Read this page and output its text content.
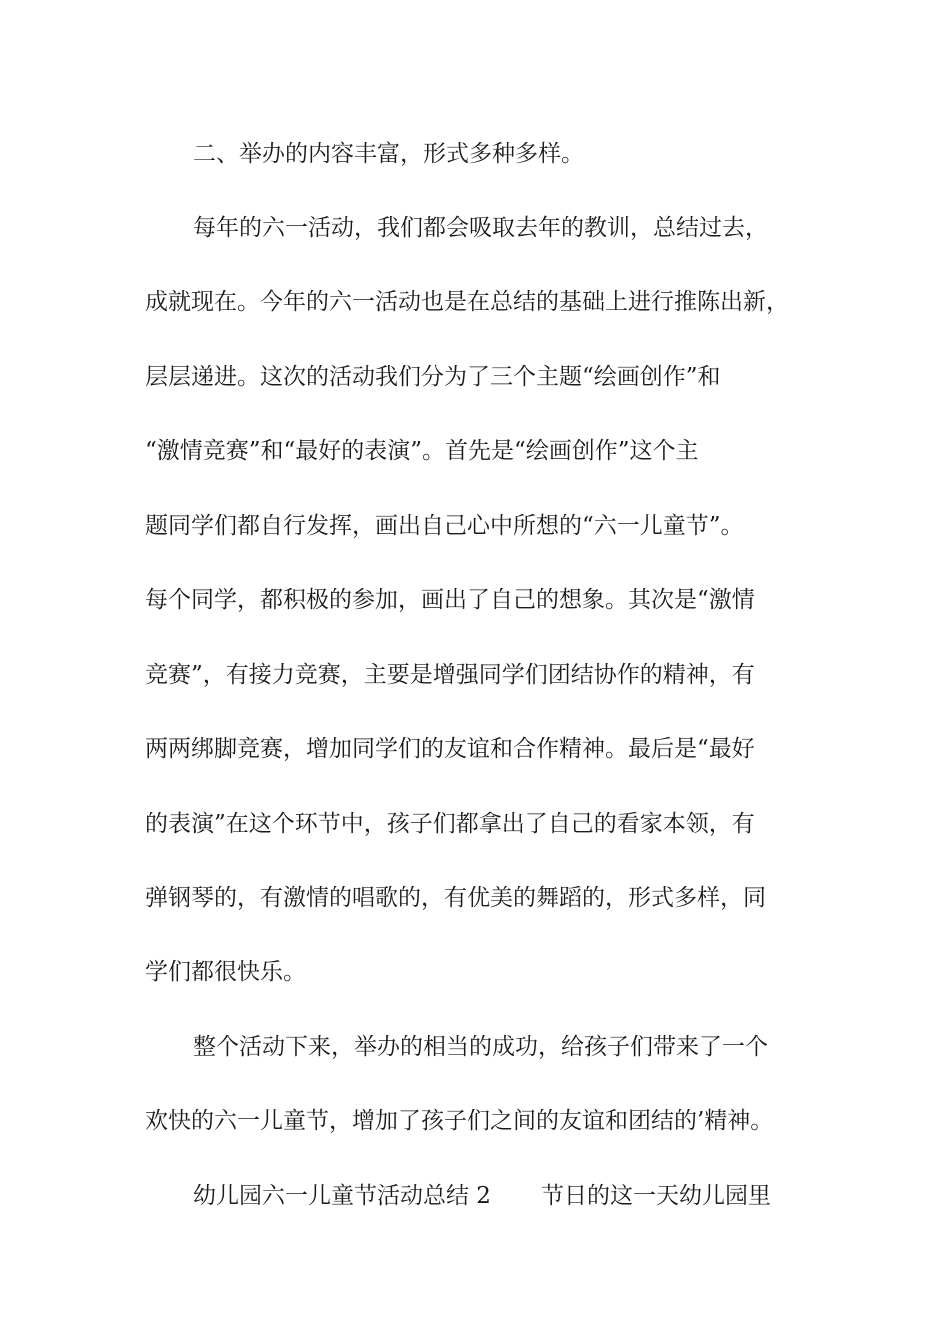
二、举办的内容丰富，形式多种多样。
每年的六一活动，我们都会吸取去年的教训，总结过去，
成就现在。今年的六一活动也是在总结的基础上进行推陈出新，
层层递进。这次的活动我们分为了三个主题“绘画创作”和
“激情竞赛”和“最好的表演”。首先是“绘画创作”这个主
题同学们都自行发挥，画出自己心中所想的“六一儿童节”。
每个同学，都积极的参加，画出了自己的想象。其次是“激情
竞赛”，有接力竞赛，主要是增强同学们团结协作的精神，有
两两绑脚竞赛，增加同学们的友谊和合作精神。最后是“最好
的表演”在这个环节中，孩子们都拿出了自己的看家本领，有
弹钢琴的，有激情的唱歌的，有优美的舞蹈的，形式多样，同
学们都很快乐。
整个活动下来，举办的相当的成功，给孩子们带来了一个
欢快的六一儿童节，增加了孩子们之间的友谊和团结的’精神。
幼儿园六一儿童节活动总结 2 节日的这一天幼儿园里
